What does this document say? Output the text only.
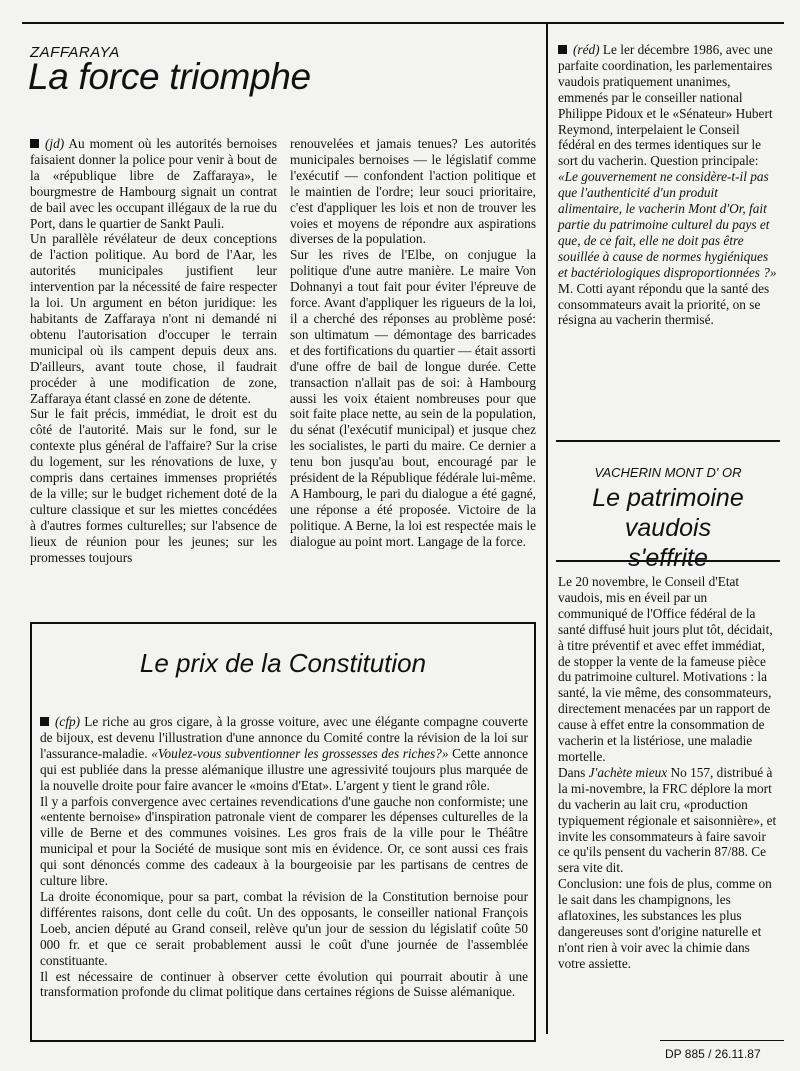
ZAFFARAYA
La force triomphe

(jd) Au moment où les autorités bernoises faisaient donner la police pour venir à bout de la «république libre de Zaffaraya», le bourgmestre de Hambourg signait un contrat de bail avec les occupant illégaux de la rue du Port, dans le quartier de Sankt Pauli.

Un parallèle révélateur de deux conceptions de l'action politique. Au bord de l'Aar, les autorités municipales justifient leur intervention par la nécessité de faire respecter la loi. Un argument en béton juridique: les habitants de Zaffaraya n'ont ni demandé ni obtenu l'autorisation d'occuper le terrain municipal où ils campent depuis deux ans. D'ailleurs, avant toute chose, il faudrait procéder à une modification de zone, Zaffaraya étant classé en zone de détente.

Sur le fait précis, immédiat, le droit est du côté de l'autorité. Mais sur le fond, sur le contexte plus général de l'affaire? Sur la crise du logement, sur les rénovations de luxe, y compris dans certaines immenses propriétés de la ville; sur le budget richement doté de la culture classique et sur les miettes concédées à d'autres formes culturelles; sur l'absence de lieux de réunion pour les jeunes; sur les promesses toujours

renouvelées et jamais tenues? Les autorités municipales bernoises — le législatif comme l'exécutif — confondent l'action politique et le maintien de l'ordre; leur souci prioritaire, c'est d'appliquer les lois et non de trouver les voies et moyens de répondre aux aspirations diverses de la population.

Sur les rives de l'Elbe, on conjugue la politique d'une autre manière. Le maire Von Dohnanyi a tout fait pour éviter l'épreuve de force. Avant d'appliquer les rigueurs de la loi, il a cherché des réponses au problème posé: son ultimatum — démontage des barricades et des fortifications du quartier — était assorti d'une offre de bail de longue durée. Cette transaction n'allait pas de soi: à Hambourg aussi les voix étaient nombreuses pour que soit faite place nette, au sein de la population, du sénat (l'exécutif municipal) et jusque chez les socialistes, le parti du maire. Ce dernier a tenu bon jusqu'au bout, encouragé par le président de la République fédérale lui-même.

A Hambourg, le pari du dialogue a été gagné, une réponse a été proposée. Victoire de la politique. A Berne, la loi est respectée mais le dialogue au point mort. Langage de la force.

Le prix de la Constitution

(cfp) Le riche au gros cigare, à la grosse voiture, avec une élégante compagne couverte de bijoux, est devenu l'illustration d'une annonce du Comité contre la révision de la loi sur l'assurance-maladie. «Voulez-vous subventionner les grossesses des riches?» Cette annonce qui est publiée dans la presse alémanique illustre une agressivité toujours plus marquée de la nouvelle droite pour faire avancer le «moins d'Etat». L'argent y tient le grand rôle.

Il y a parfois convergence avec certaines revendications d'une gauche non conformiste; une «entente bernoise» d'inspiration patronale vient de comparer les dépenses culturelles de la ville de Berne et des communes voisines. Les gros frais de la ville pour le Théâtre municipal et pour la Société de musique sont mis en évidence. Or, ce sont aussi ces frais qui sont dénoncés comme des cadeaux à la bourgeoisie par les partisans de centres de culture libre.

La droite économique, pour sa part, combat la révision de la Constitution bernoise pour différentes raisons, dont celle du coût. Un des opposants, le conseiller national François Loeb, ancien député au Grand conseil, relève qu'un jour de session du législatif coûte 50 000 fr. et que ce serait probablement aussi le coût d'une journée de l'assemblée constituante.

Il est nécessaire de continuer à observer cette évolution qui pourrait aboutir à une transformation profonde du climat politique dans certaines régions de Suisse alémanique.

(réd) Le ler décembre 1986, avec une parfaite coordination, les parlementaires vaudois pratiquement unanimes, emmenés par le conseiller national Philippe Pidoux et le «Sénateur» Hubert Reymond, interpelaient le Conseil fédéral en des termes identiques sur le sort du vacherin. Question principale: «Le gouvernement ne considère-t-il pas que l'authenticité d'un produit alimentaire, le vacherin Mont d'Or, fait partie du patrimoine culturel du pays et que, de ce fait, elle ne doit pas être souillée à cause de normes hygiéniques et bactériologiques disproportionnées ?» M. Cotti ayant répondu que la santé des consommateurs avait la priorité, on se résigna au vacherin thermisé.

VACHERIN MONT D' OR
Le patrimoine
vaudois
s'effrite

Le 20 novembre, le Conseil d'Etat vaudois, mis en éveil par un communiqué de l'Office fédéral de la santé diffusé huit jours plut tôt, décidait, à titre préventif et avec effet immédiat, de stopper la vente de la fameuse pièce du patrimoine culturel. Motivations : la santé, la vie même, des consommateurs, directement menacées par un rapport de cause à effet entre la consommation de vacherin et la listériose, une maladie mortelle.

Dans J'achète mieux No 157, distribué à la mi-novembre, la FRC déplore la mort du vacherin au lait cru, «production typiquement régionale et saisonnière», et invite les consommateurs à faire savoir ce qu'ils pensent du vacherin 87/88. Ce sera vite dit.

Conclusion: une fois de plus, comme on le sait dans les champignons, les aflatoxines, les substances les plus dangereuses sont d'origine naturelle et n'ont rien à voir avec la chimie dans votre assiette.

DP 885 / 26.11.87
